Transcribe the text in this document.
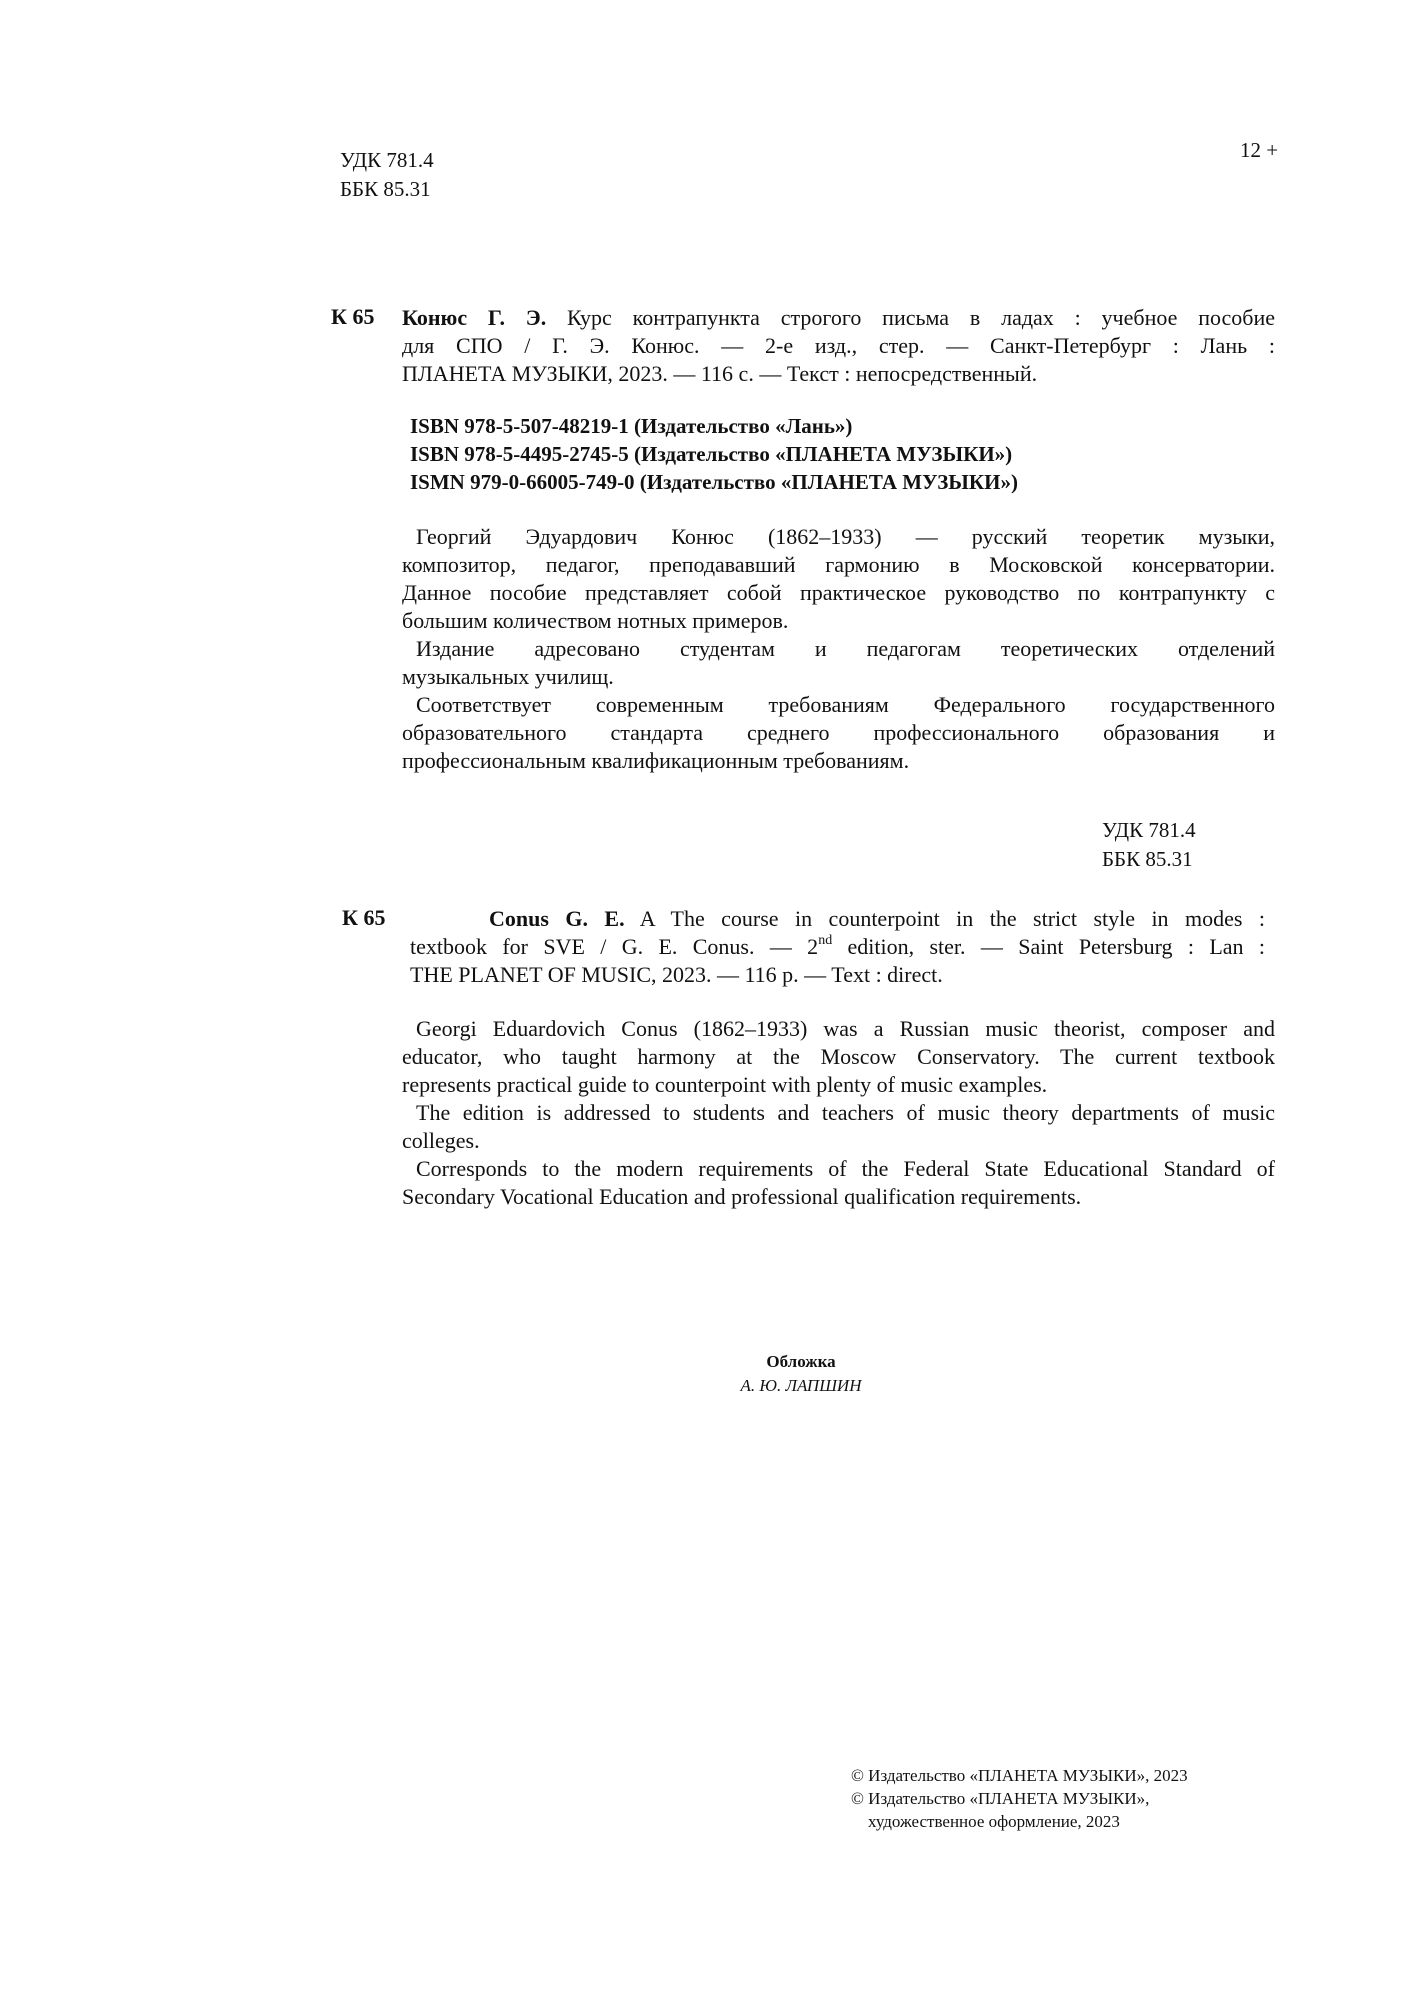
УДК 781.4
ББК 85.31
12 +
К 65 Конюс Г. Э. Курс контрапункта строгого письма в ладах : учебное пособие
для СПО / Г. Э. Конюс. — 2-е изд., стер. — Санкт-Петербург : Лань :
ПЛАНЕТА МУЗЫКИ, 2023. — 116 с. — Текст : непосредственный.
ISBN 978-5-507-48219-1 (Издательство «Лань»)
ISBN 978-5-4495-2745-5 (Издательство «ПЛАНЕТА МУЗЫКИ»)
ISMN 979-0-66005-749-0 (Издательство «ПЛАНЕТА МУЗЫКИ»)
Георгий Эдуардович Конюс (1862–1933) — русский теоретик музыки,
композитор, педагог, преподававший гармонию в Московской консерватории.
Данное пособие представляет собой практическое руководство по контрапункту с
большим количеством нотных примеров.
Издание адресовано студентам и педагогам теоретических отделений
музыкальных училищ.
Соответствует современным требованиям Федерального государственного
образовательного стандарта среднего профессионального образования и
профессиональным квалификационным требованиям.
УДК 781.4
ББК 85.31
К 65	Conus G. E. A The course in counterpoint in the strict style in modes :
textbook for SVE / G. E. Conus. — 2nd edition, ster. — Saint Petersburg : Lan :
THE PLANET OF MUSIC, 2023. — 116 p. — Text : direct.
Georgi Eduardovich Conus (1862–1933) was a Russian music theorist, composer and
educator, who taught harmony at the Moscow Conservatory. The current textbook
represents practical guide to counterpoint with plenty of music examples.
The edition is addressed to students and teachers of music theory departments of music
colleges.
Corresponds to the modern requirements of the Federal State Educational Standard of
Secondary Vocational Education and professional qualification requirements.
Обложка
А. Ю. ЛАПШИН
© Издательство «ПЛАНЕТА МУЗЫКИ», 2023
© Издательство «ПЛАНЕТА МУЗЫКИ»,
художественное оформление, 2023
